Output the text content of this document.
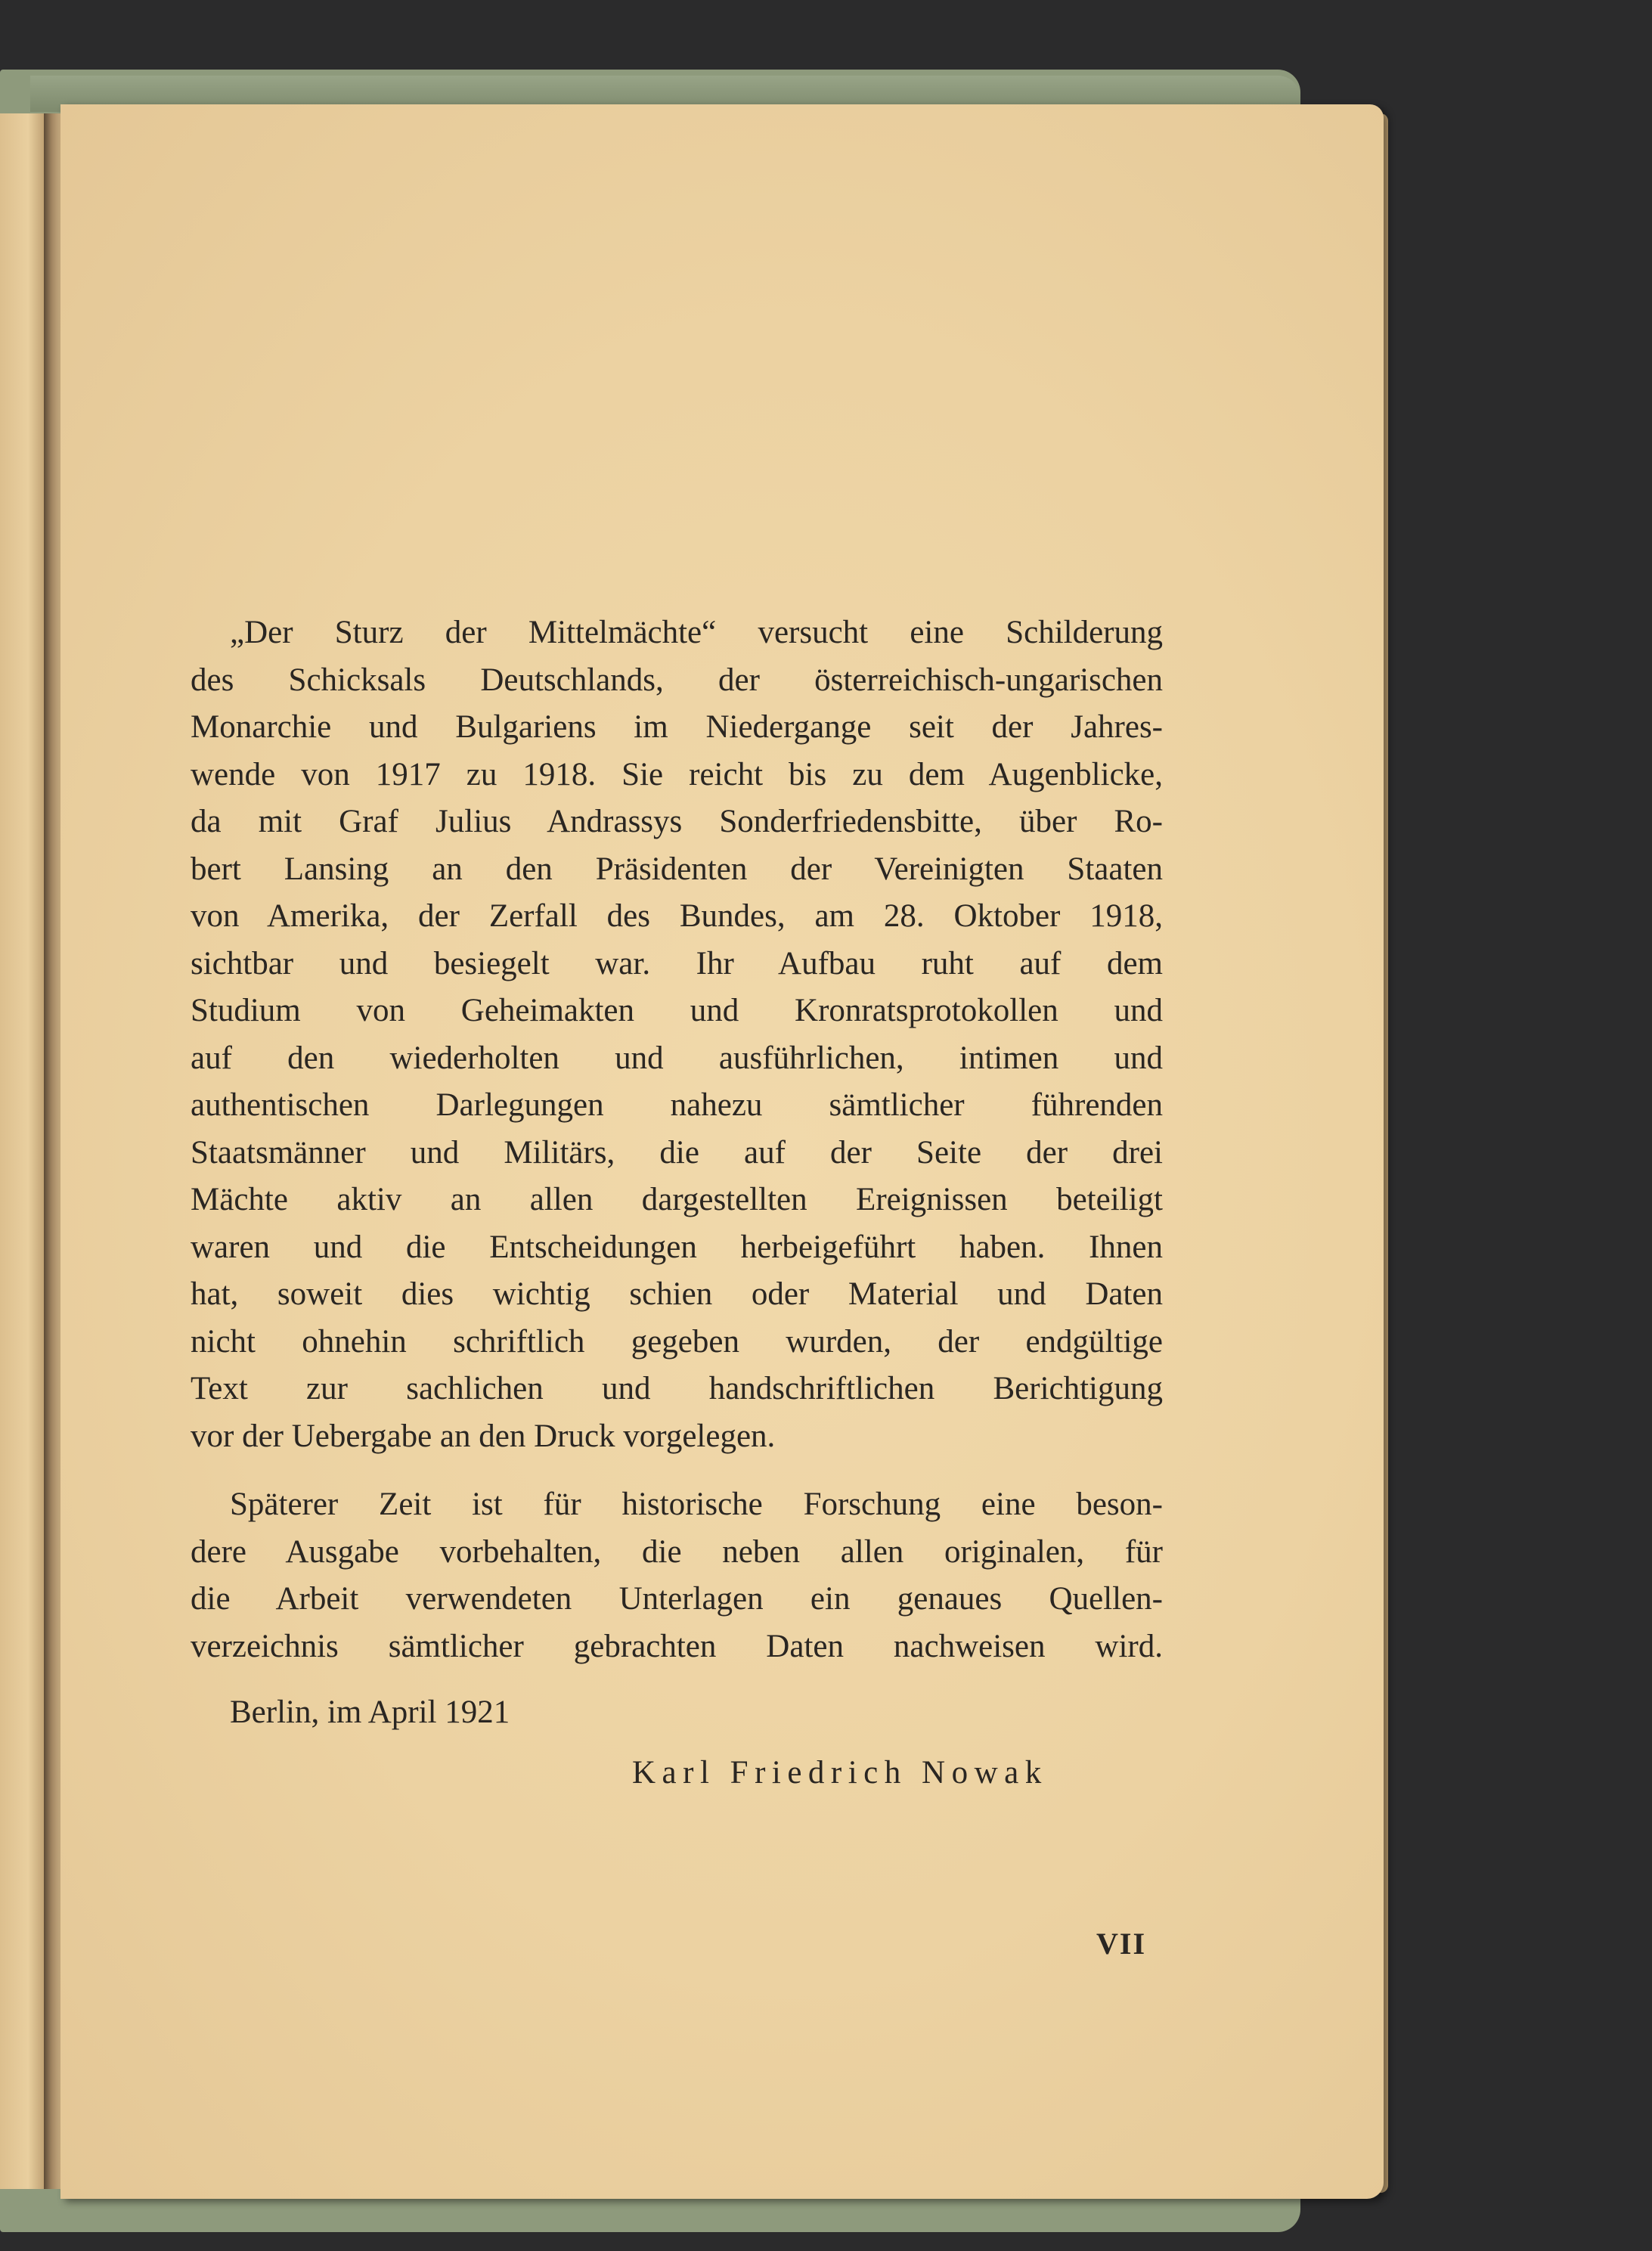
„Der Sturz der Mittelmächte“ versucht eine Schilderung
des Schicksals Deutschlands, der österreichisch-ungarischen
Monarchie und Bulgariens im Niedergange seit der Jahres-
wende von 1917 zu 1918. Sie reicht bis zu dem Augenblicke,
da mit Graf Julius Andrassys Sonderfriedensbitte, über Ro-
bert Lansing an den Präsidenten der Vereinigten Staaten
von Amerika, der Zerfall des Bundes, am 28. Oktober 1918,
sichtbar und besiegelt war. Ihr Aufbau ruht auf dem
Studium von Geheimakten und Kronratsprotokollen und
auf den wiederholten und ausführlichen, intimen und
authentischen Darlegungen nahezu sämtlicher führenden
Staatsmänner und Militärs, die auf der Seite der drei
Mächte aktiv an allen dargestellten Ereignissen beteiligt
waren und die Entscheidungen herbeigeführt haben. Ihnen
hat, soweit dies wichtig schien oder Material und Daten
nicht ohnehin schriftlich gegeben wurden, der endgültige
Text zur sachlichen und handschriftlichen Berichtigung
vor der Uebergabe an den Druck vorgelegen.
Späterer Zeit ist für historische Forschung eine beson-
dere Ausgabe vorbehalten, die neben allen originalen, für
die Arbeit verwendeten Unterlagen ein genaues Quellen-
verzeichnis sämtlicher gebrachten Daten nachweisen wird.
Berlin, im April 1921
Karl Friedrich Nowak
VII
